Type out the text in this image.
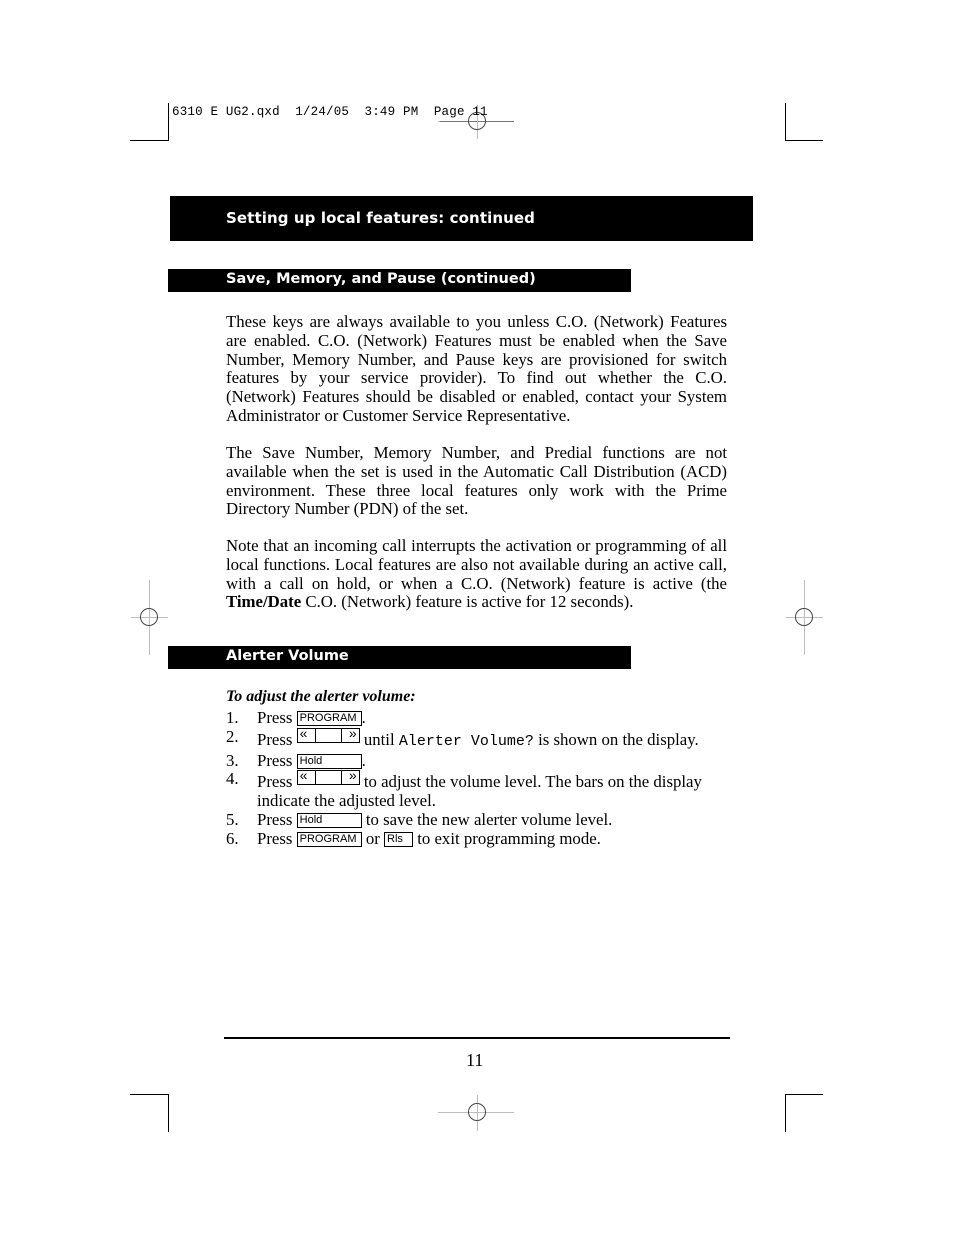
6310 E UG2.qxd  1/24/05  3:49 PM  Page 11
Setting up local features: continued
Save, Memory, and Pause (continued)
These keys are always available to you unless C.O. (Network) Features are enabled. C.O. (Network) Features must be enabled when the Save Number, Memory Number, and Pause keys are provisioned for switch features by your service provider). To find out whether the C.O. (Network) Features should be disabled or enabled, contact your System Administrator or Customer Service Representative.
The Save Number, Memory Number, and Predial functions are not available when the set is used in the Automatic Call Distribution (ACD) environment. These three local features only work with the Prime Directory Number (PDN) of the set.
Note that an incoming call interrupts the activation or programming of all local functions. Local features are also not available during an active call, with a call on hold, or when a C.O. (Network) feature is active (the Time/Date C.O. (Network) feature is active for 12 seconds).
Alerter Volume
To adjust the alerter volume:
1. Press PROGRAM .
2. Press «	» until Alerter Volume? is shown on the display.
3. Press Hold .
4. Press «	» to adjust the volume level. The bars on the display indicate the adjusted level.
5. Press Hold	to save the new alerter volume level.
6. Press PROGRAM or Rls to exit programming mode.
11
